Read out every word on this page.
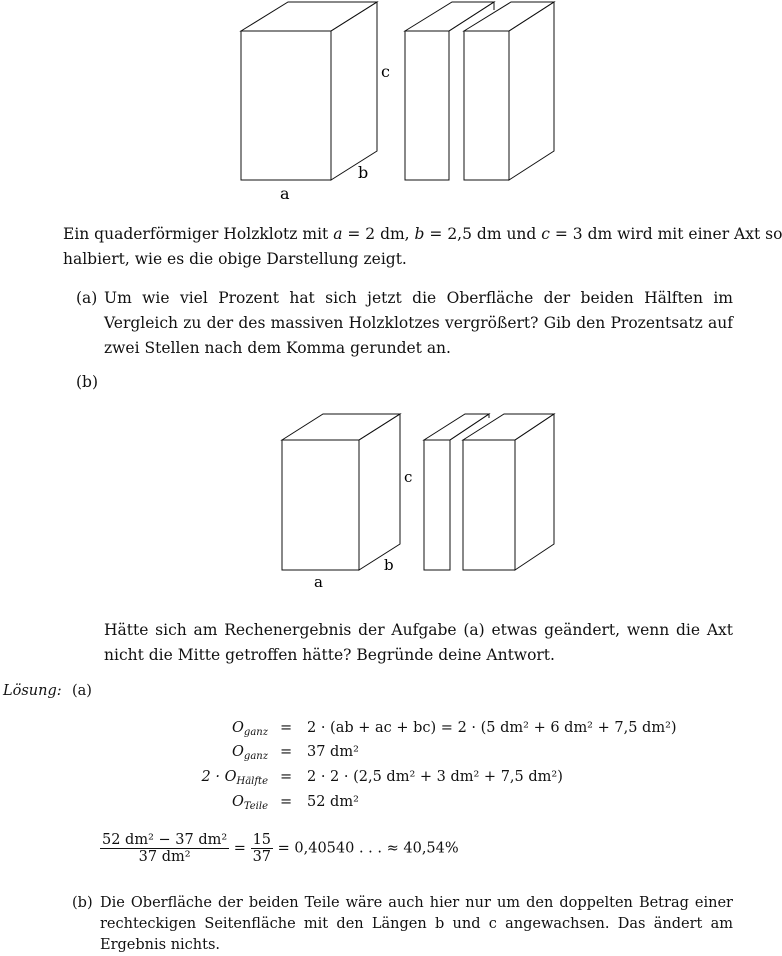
a
b
c

Ein quaderförmiger Holzklotz mit a = 2 dm, b = 2,5 dm und c = 3 dm wird mit einer Axt so

halbiert, wie es die obige Darstellung zeigt.

(a) Um wie viel Prozent hat sich jetzt die Oberfläche der beiden Hälften im Vergleich zu der des massiven Holzklotzes vergrößert? Gib den Prozentsatz auf zwei Stellen nach dem Komma gerundet an.
(b)
a
b
c
Hätte sich am Rechenergebnis der Aufgabe (a) etwas geändert, wenn die Axt nicht die Mitte getroffen hätte? Begründe deine Antwort.
Lösung: (a)
$O_{ganz} = 2 \cdot (ab$ + ac + bc) = 2 · (5 dm² + 6 dm² + 7,5 dm²)
$O_{ganz} = 37$ dm²
$2 \cdot O_{Hälfte} = 2 \cdot 2 \cdot (2,5$ dm² + 3 dm² + 7,5 dm²)
$O_{Teile} = 52$ dm²
$\frac{\text{52 dm² − 37 dm²}}{\text{37 dm²}} = \frac{15}{37} = 0,40540$ . . . ≈ 40,54%
(b) Die Oberfläche der beiden Teile wäre auch hier nur um den doppelten Betrag einer rechteckigen Seitenfläche mit den Längen b und c angewachsen. Das ändert am Ergebnis nichts.
